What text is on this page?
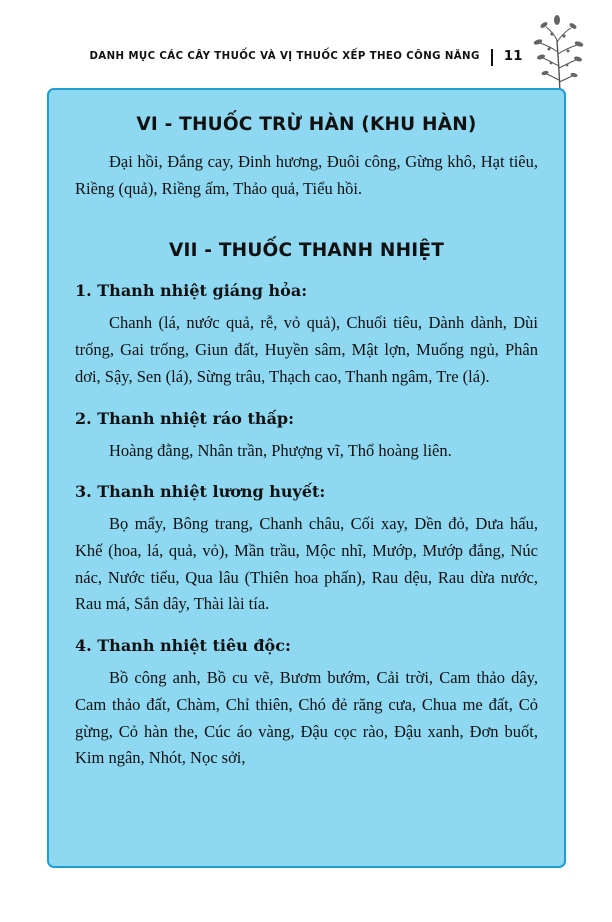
DANH MỤC CÁC CÂY THUỐC VÀ VỊ THUỐC XẾP THEO CÔNG NĂNG 11
VI - THUỐC TRỪ HÀN (KHU HÀN)

Đại hồi, Đắng cay, Đinh hương, Đuôi công, Gừng khô, Hạt tiêu, Riềng (quả), Riềng ấm, Thảo quả, Tiểu hồi.

VII - THUỐC THANH NHIỆT
1. Thanh nhiệt giáng hỏa:

Chanh (lá, nước quả, rễ, vỏ quả), Chuối tiêu, Dành dành, Dùi trống, Gai trống, Giun đất, Huyền sâm, Mật lợn, Muống ngủ, Phân dơi, Sậy, Sen (lá), Sừng trâu, Thạch cao, Thanh ngâm, Tre (lá).

2. Thanh nhiệt ráo thấp:

Hoàng đằng, Nhân trần, Phượng vĩ, Thổ hoàng liên.

3. Thanh nhiệt lương huyết:

Bọ mẩy, Bông trang, Chanh châu, Cối xay, Dền đỏ, Dưa hấu, Khế (hoa, lá, quả, vỏ), Mần trầu, Mộc nhĩ, Mướp, Mướp đắng, Núc nác, Nước tiểu, Qua lâu (Thiên hoa phấn), Rau dệu, Rau dừa nước, Rau má, Sắn dây, Thài lài tía.

4. Thanh nhiệt tiêu độc:

Bồ công anh, Bồ cu vẽ, Bươm bướm, Cải trời, Cam thảo dây, Cam thảo đất, Chàm, Chỉ thiên, Chó đẻ răng cưa, Chua me đất, Cỏ gừng, Cỏ hàn the, Cúc áo vàng, Đậu cọc rào, Đậu xanh, Đơn buốt, Kim ngân, Nhót, Nọc sởi,
